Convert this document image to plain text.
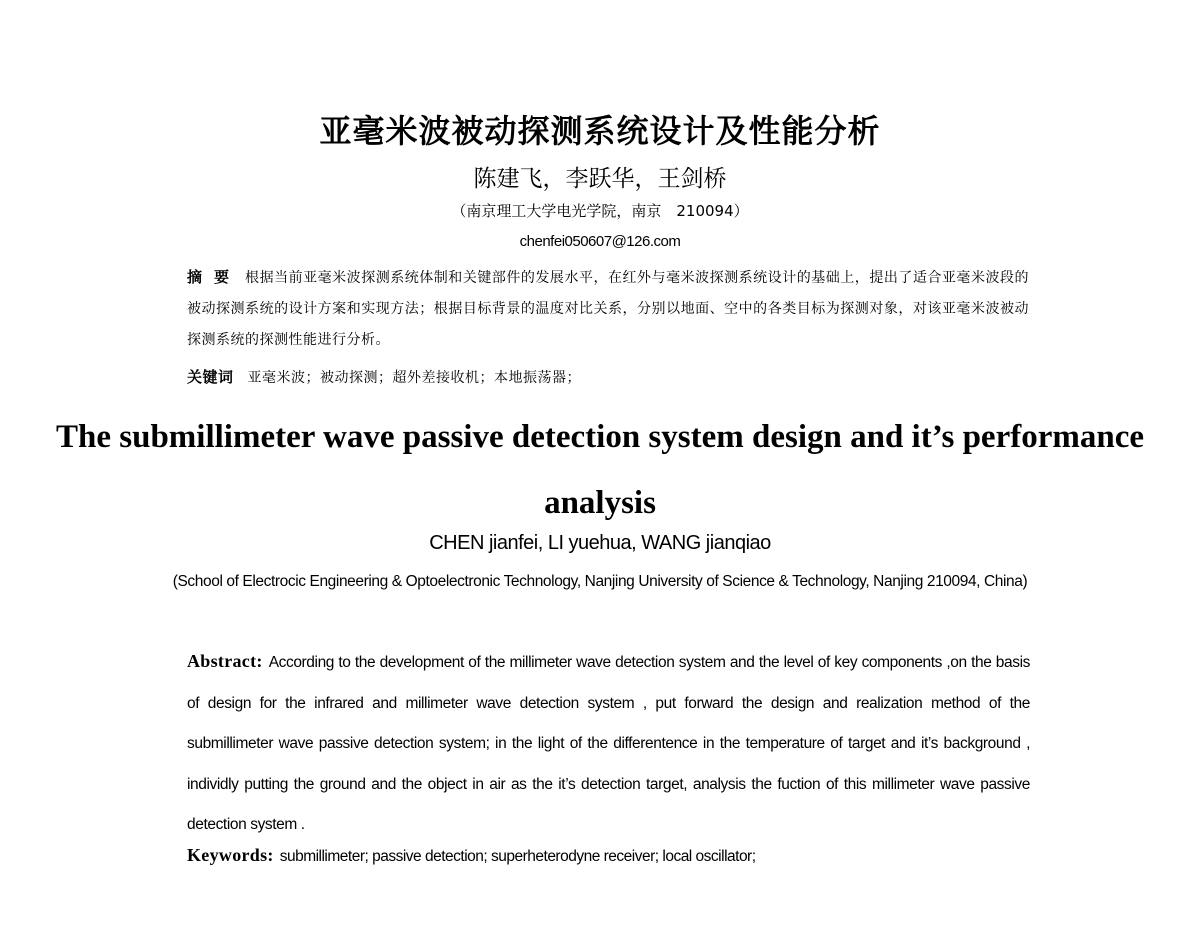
亚毫米波被动探测系统设计及性能分析
陈建飞，李跃华，王剑桥
（南京理工大学电光学院，南京　210094）
chenfei050607@126.com
摘要 根据当前亚毫米波探测系统体制和关键部件的发展水平，在红外与毫米波探测系统设计的基础上，提出了适合亚毫米波段的被动探测系统的设计方案和实现方法；根据目标背景的温度对比关系，分别以地面、空中的各类目标为探测对象，对该亚毫米波被动探测系统的探测性能进行分析。
关键词 亚毫米波；被动探测；超外差接收机；本地振荡器；
The submillimeter wave passive detection system design and it’s performance analysis
CHEN jianfei, LI yuehua, WANG jianqiao
(School of Electrocic Engineering & Optoelectronic Technology, Nanjing University of Science & Technology, Nanjing 210094, China)
Abstract: According to the development of the millimeter wave detection system and the level of key components ,on the basis of design for the infrared and millimeter wave detection system , put forward the design and realization method of the submillimeter wave passive detection system; in the light of the differentence in the temperature of target and it’s background , individly putting the ground and the object in air as the it’s detection target, analysis the fuction of this millimeter wave passive detection system .
Keywords: submillimeter; passive detection; superheterodyne receiver; local oscillator;
